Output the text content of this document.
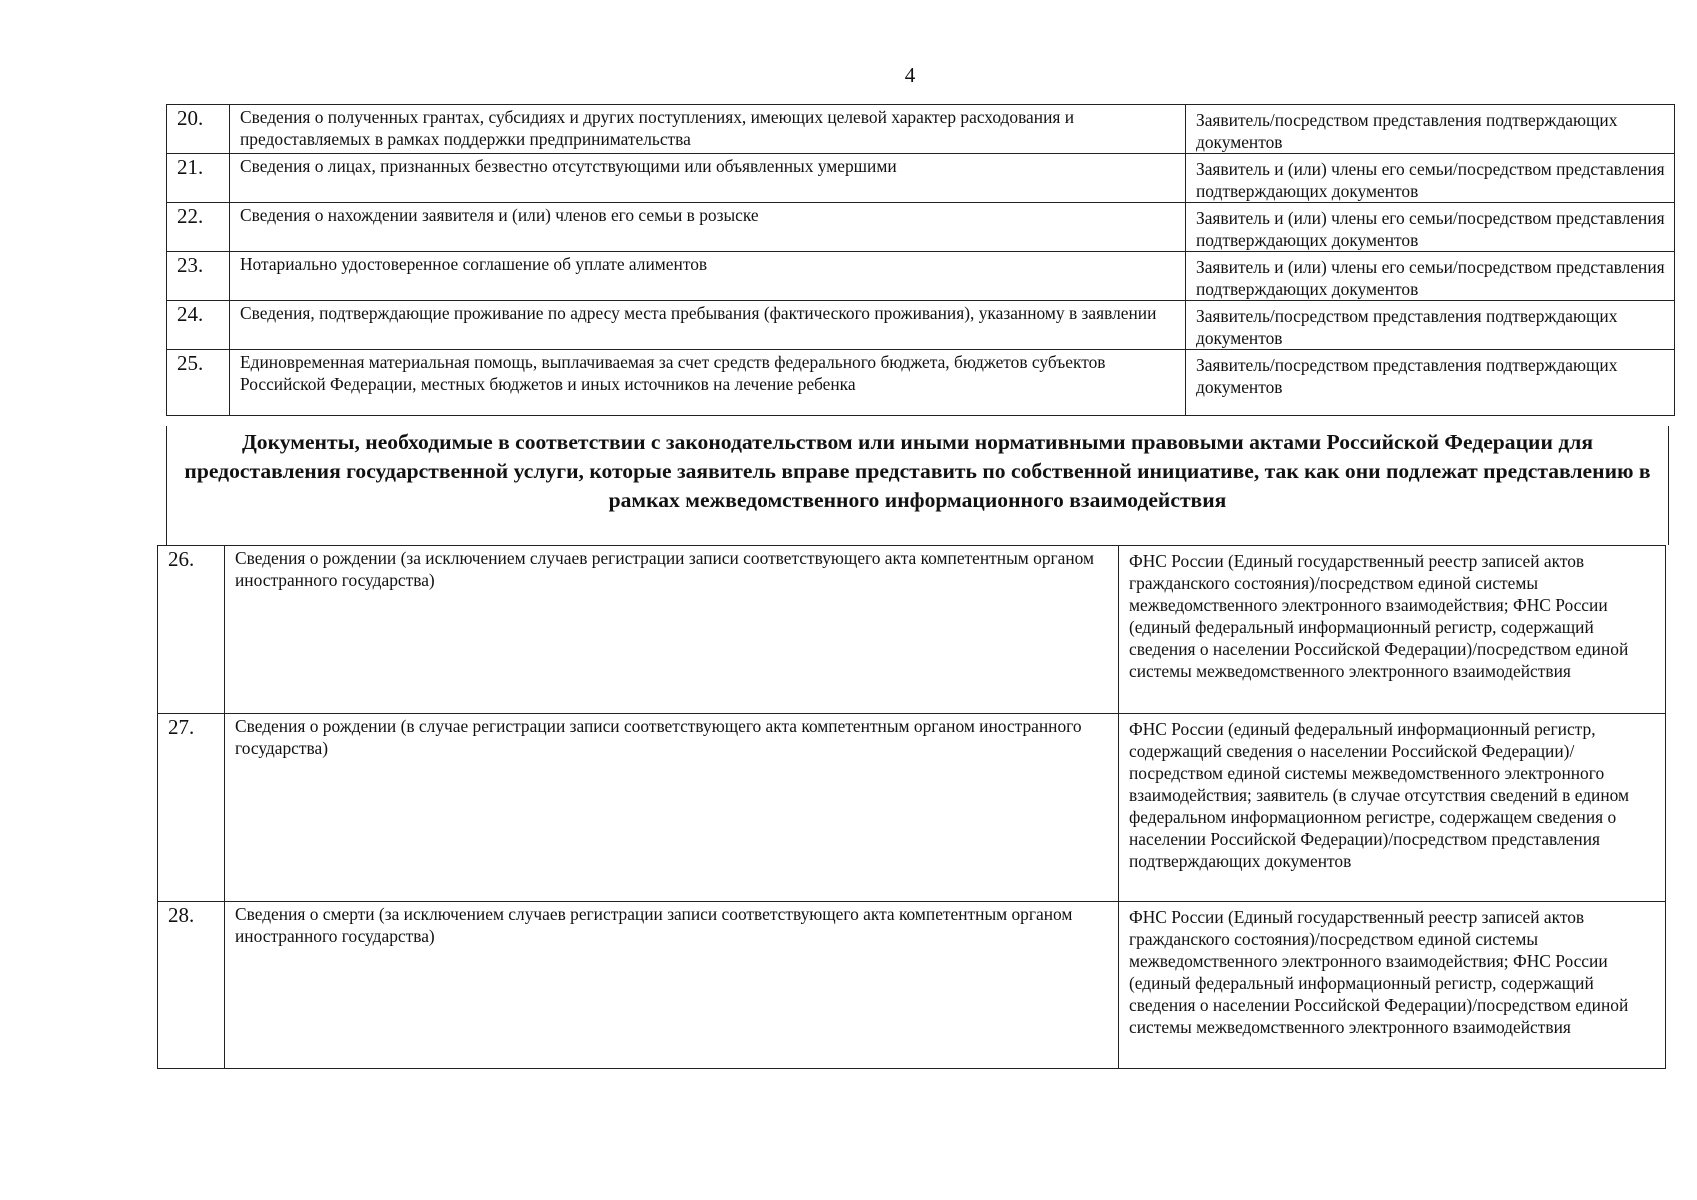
4
20.	Сведения о полученных грантах, субсидиях и других поступлениях, имеющих целевой характер расходования и предоставляемых в рамках поддержки предпринимательства	Заявитель/посредством представления подтверждающих документов
21.	Сведения о лицах, признанных безвестно отсутствующими или объявленных умершими	Заявитель и (или) члены его семьи/посредством представления подтверждающих документов
22.	Сведения о нахождении заявителя и (или) членов его семьи в розыске	Заявитель и (или) члены его семьи/посредством представления подтверждающих документов
23.	Нотариально удостоверенное соглашение об уплате алиментов	Заявитель и (или) члены его семьи/посредством представления подтверждающих документов
24.	Сведения, подтверждающие проживание по адресу места пребывания (фактического проживания), указанному в заявлении	Заявитель/посредством представления подтверждающих документов
25.	Единовременная материальная помощь, выплачиваемая за счет средств федерального бюджета, бюджетов субъектов Российской Федерации, местных бюджетов и иных источников на лечение ребенка	Заявитель/посредством представления подтверждающих документов
Документы, необходимые в соответствии с законодательством или иными нормативными правовыми актами Российской Федерации для предоставления государственной услуги, которые заявитель вправе представить по собственной инициативе, так как они подлежат представлению в рамках межведомственного информационного взаимодействия
26.	Сведения о рождении (за исключением случаев регистрации записи соответствующего акта компетентным органом иностранного государства)	ФНС России (Единый государственный реестр записей актов гражданского состояния)/посредством единой системы межведомственного электронного взаимодействия; ФНС России (единый федеральный информационный регистр, содержащий сведения о населении Российской Федерации)/посредством единой системы межведомственного электронного взаимодействия
27.	Сведения о рождении (в случае регистрации записи соответствующего акта компетентным органом иностранного государства)	ФНС России (единый федеральный информационный регистр, содержащий сведения о населении Российской Федерации)/посредством единой системы межведомственного электронного взаимодействия; заявитель (в случае отсутствия сведений в едином федеральном информационном регистре, содержащем сведения о населении Российской Федерации)/посредством представления подтверждающих документов
28.	Сведения о смерти (за исключением случаев регистрации записи соответствующего акта компетентным органом иностранного государства)	ФНС России (Единый государственный реестр записей актов гражданского состояния)/посредством единой системы межведомственного электронного взаимодействия; ФНС России (единый федеральный информационный регистр, содержащий сведения о населении Российской Федерации)/посредством единой системы межведомственного электронного взаимодействия
